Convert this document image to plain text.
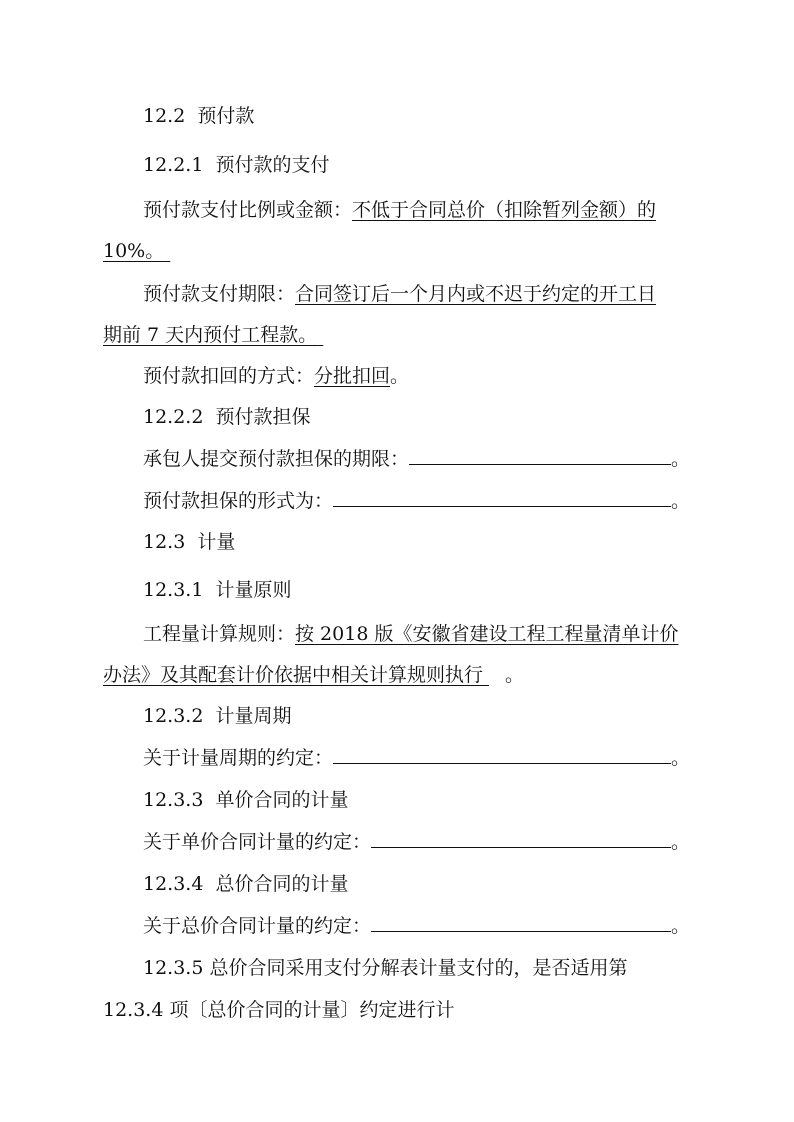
12.2 预付款
12.2.1 预付款的支付
预付款支付比例或金额：不低于合同总价（扣除暂列金额）的
10%。
预付款支付期限：合同签订后一个月内或不迟于约定的开工日
期前 7 天内预付工程款。
预付款扣回的方式：分批扣回。
12.2.2 预付款担保
承包人提交预付款担保的期限：	。
预付款担保的形式为：	。
12.3 计量
12.3.1 计量原则
工程量计算规则：按 2018 版《安徽省建设工程工程量清单计价
办法》及其配套计价依据中相关计算规则执行 。
12.3.2 计量周期
关于计量周期的约定：	。
12.3.3 单价合同的计量
关于单价合同计量的约定：	。
12.3.4 总价合同的计量
关于总价合同计量的约定：	。
12.3.5 总价合同采用支付分解表计量支付的，是否适用第
12.3.4 项〔总价合同的计量〕约定进行计
